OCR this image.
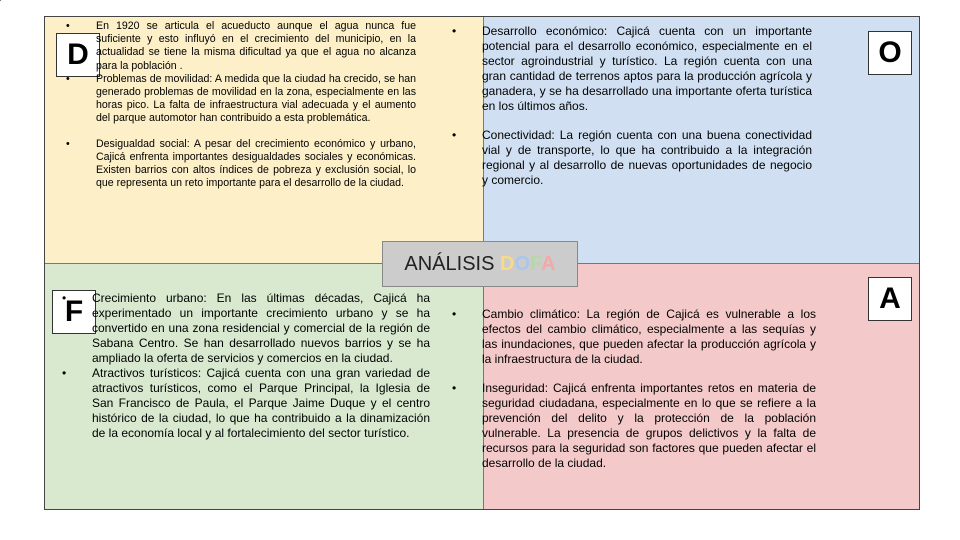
D	O
F	A
• En 1920 se articula el acueducto aunque el agua nunca fue suficiente y esto influyó en el crecimiento del municipio, en la actualidad se tiene la misma dificultad ya que el agua no alcanza para la población .
• Problemas de movilidad: A medida que la ciudad ha crecido, se han generado problemas de movilidad en la zona, especialmente en las horas pico. La falta de infraestructura vial adecuada y el aumento del parque automotor han contribuido a esta problemática.
• Desigualdad social: A pesar del crecimiento económico y urbano, Cajicá enfrenta importantes desigualdades sociales y económicas. Existen barrios con altos índices de pobreza y exclusión social, lo que representa un reto importante para el desarrollo de la ciudad.
• Desarrollo económico: Cajicá cuenta con un importante potencial para el desarrollo económico, especialmente en el sector agroindustrial y turístico. La región cuenta con una gran cantidad de terrenos aptos para la producción agrícola y ganadera, y se ha desarrollado una importante oferta turística en los últimos años.
• Conectividad: La región cuenta con una buena conectividad vial y de transporte, lo que ha contribuido a la integración regional y al desarrollo de nuevas oportunidades de negocio y comercio.
• Crecimiento urbano: En las últimas décadas, Cajicá ha experimentado un importante crecimiento urbano y se ha convertido en una zona residencial y comercial de la región de Sabana Centro. Se han desarrollado nuevos barrios y se ha ampliado la oferta de servicios y comercios en la ciudad.
• Atractivos turísticos: Cajicá cuenta con una gran variedad de atractivos turísticos, como el Parque Principal, la Iglesia de San Francisco de Paula, el Parque Jaime Duque y el centro histórico de la ciudad, lo que ha contribuido a la dinamización de la economía local y al fortalecimiento del sector turístico.
• Cambio climático: La región de Cajicá es vulnerable a los efectos del cambio climático, especialmente a las sequías y las inundaciones, que pueden afectar la producción agrícola y la infraestructura de la ciudad.
• Inseguridad: Cajicá enfrenta importantes retos en materia de seguridad ciudadana, especialmente en lo que se refiere a la prevención del delito y la protección de la población vulnerable. La presencia de grupos delictivos y la falta de recursos para la seguridad son factores que pueden afectar el desarrollo de la ciudad.
ANÁLISIS DOFA
